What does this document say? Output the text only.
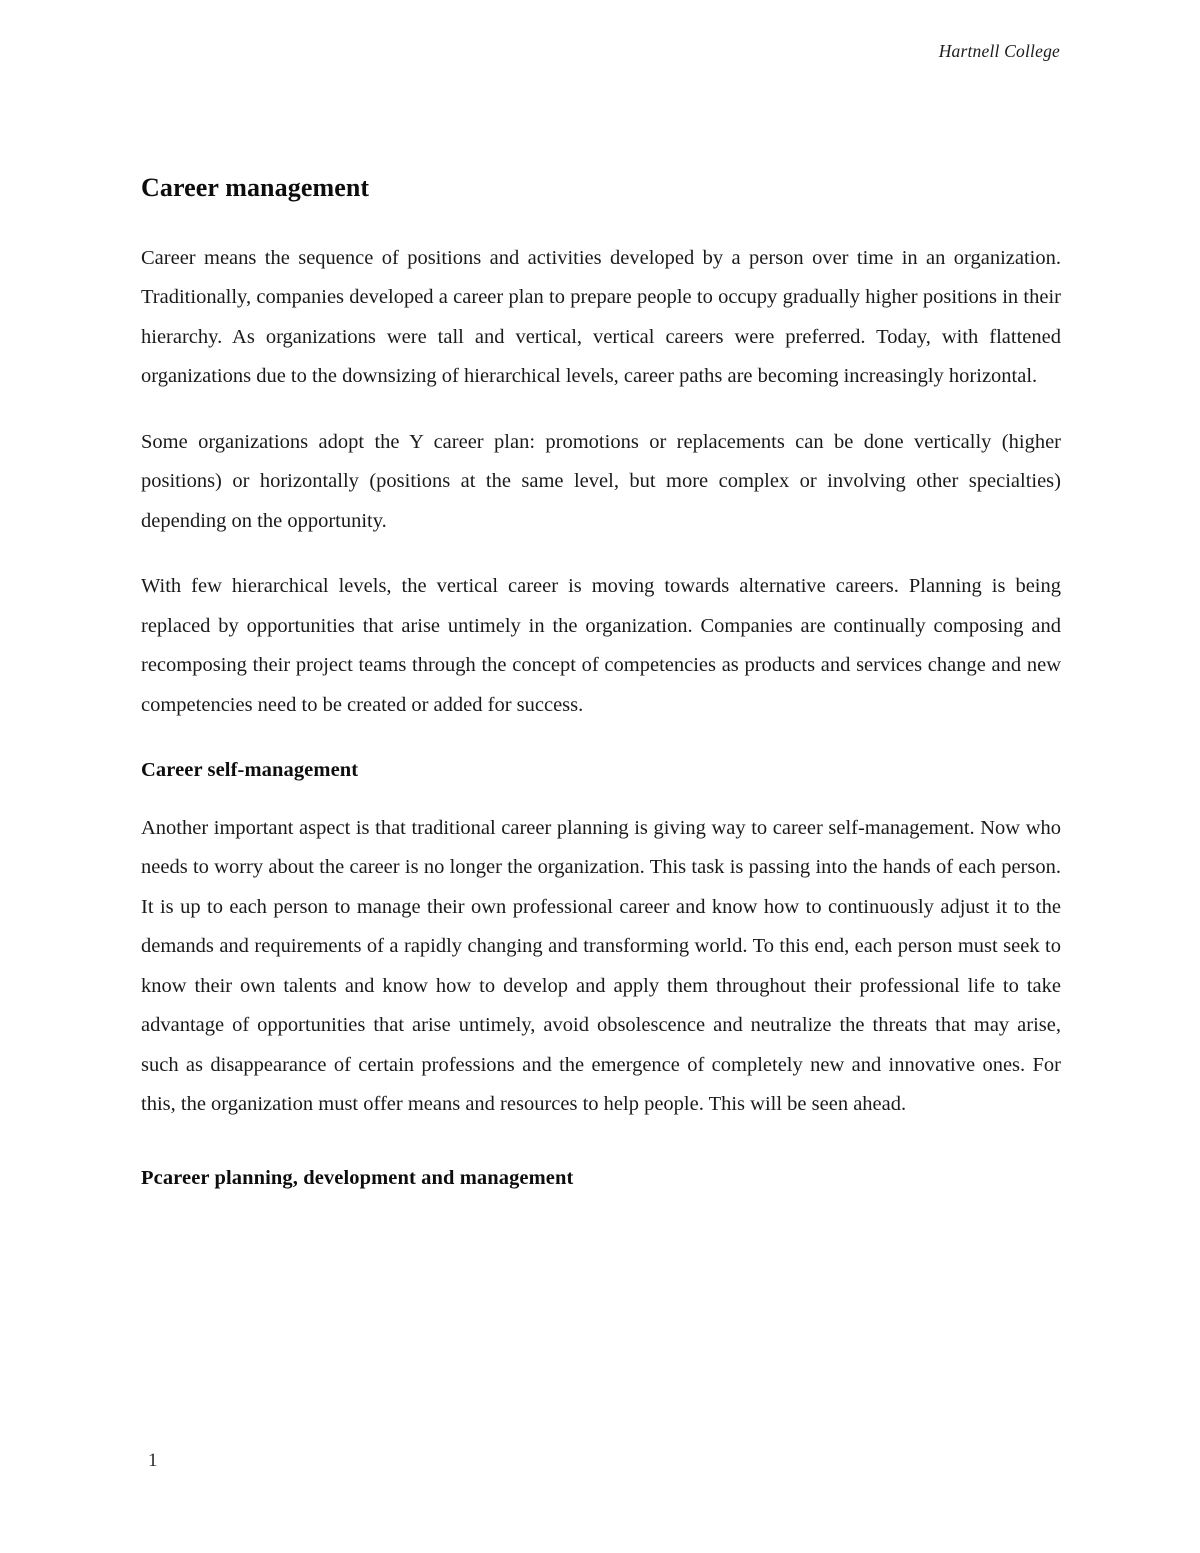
Hartnell College
Career management

Career means the sequence of positions and activities developed by a person over time in an organization. Traditionally, companies developed a career plan to prepare people to occupy gradually higher positions in their hierarchy. As organizations were tall and vertical, vertical careers were preferred. Today, with flattened organizations due to the downsizing of hierarchical levels, career paths are becoming increasingly horizontal.

Some organizations adopt the Y career plan: promotions or replacements can be done vertically (higher positions) or horizontally (positions at the same level, but more complex or involving other specialties) depending on the opportunity.

With few hierarchical levels, the vertical career is moving towards alternative careers. Planning is being replaced by opportunities that arise untimely in the organization. Companies are continually composing and recomposing their project teams through the concept of competencies as products and services change and new competencies need to be created or added for success.

Career self-management

Another important aspect is that traditional career planning is giving way to career self-management. Now who needs to worry about the career is no longer the organization. This task is passing into the hands of each person. It is up to each person to manage their own professional career and know how to continuously adjust it to the demands and requirements of a rapidly changing and transforming world. To this end, each person must seek to know their own talents and know how to develop and apply them throughout their professional life to take advantage of opportunities that arise untimely, avoid obsolescence and neutralize the threats that may arise, such as disappearance of certain professions and the emergence of completely new and innovative ones. For this, the organization must offer means and resources to help people. This will be seen ahead.

Pcareer planning, development and management
1
